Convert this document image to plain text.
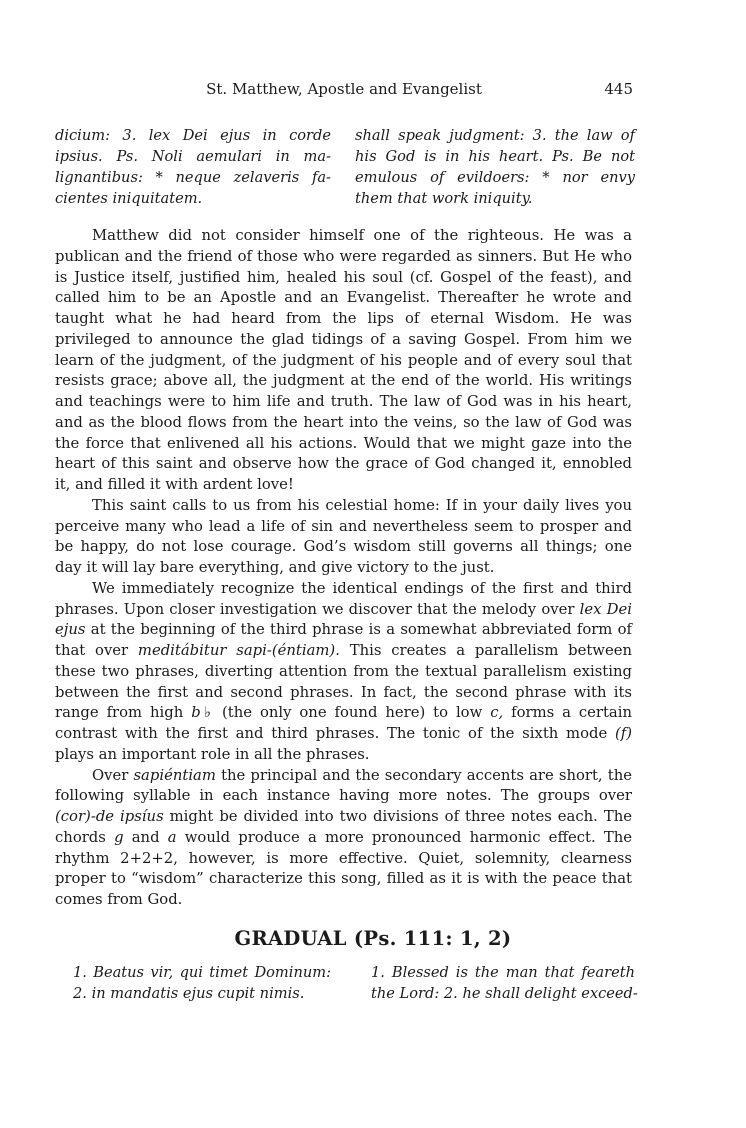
St. Matthew, Apostle and Evangelist	445
dicium: 3. lex Dei ejus in corde
ipsius. Ps. Noli aemulari in ma-
lignantibus: * neque zelaveris fa-
cientes iniquitatem.
shall speak judgment: 3. the law of
his God is in his heart. Ps. Be not
emulous of evildoers: * nor envy
them that work iniquity.

Matthew did not consider himself one of the righteous. He was a publican and the friend of those who were regarded as sinners. But He who is Justice itself, justified him, healed his soul (cf. Gospel of the feast), and called him to be an Apostle and an Evangelist. Thereafter he wrote and taught what he had heard from the lips of eternal Wisdom. He was privileged to announce the glad tidings of a saving Gospel. From him we learn of the judgment, of the judgment of his people and of every soul that resists grace; above all, the judgment at the end of the world. His writings and teachings were to him life and truth. The law of God was in his heart, and as the blood flows from the heart into the veins, so the law of God was the force that enlivened all his actions. Would that we might gaze into the heart of this saint and observe how the grace of God changed it, ennobled it, and filled it with ardent love!

This saint calls to us from his celestial home: If in your daily lives you perceive many who lead a life of sin and nevertheless seem to prosper and be happy, do not lose courage. God’s wisdom still governs all things; one day it will lay bare everything, and give victory to the just.

We immediately recognize the identical endings of the first and third phrases. Upon closer investigation we discover that the melody over lex Dei ejus at the beginning of the third phrase is a somewhat abbreviated form of that over meditábitur sapi-(éntiam). This creates a parallelism between these two phrases, diverting attention from the textual parallelism existing between the first and second phrases. In fact, the second phrase with its range from high b♭ (the only one found here) to low c, forms a certain contrast with the first and third phrases. The tonic of the sixth mode (f) plays an important role in all the phrases.

Over sapiéntiam the principal and the secondary accents are short, the following syllable in each instance having more notes. The groups over (cor)-de ipsíus might be divided into two divisions of three notes each. The chords g and a would produce a more pronounced harmonic effect. The rhythm 2+2+2, however, is more effective. Quiet, solemnity, clearness proper to “wisdom” characterize this song, filled as it is with the peace that comes from God.

GRADUAL (Ps. 111: 1, 2)
1. Beatus vir, qui timet Dominum:
2. in mandatis ejus cupit nimis.
1. Blessed is the man that feareth
the Lord: 2. he shall delight exceed-
